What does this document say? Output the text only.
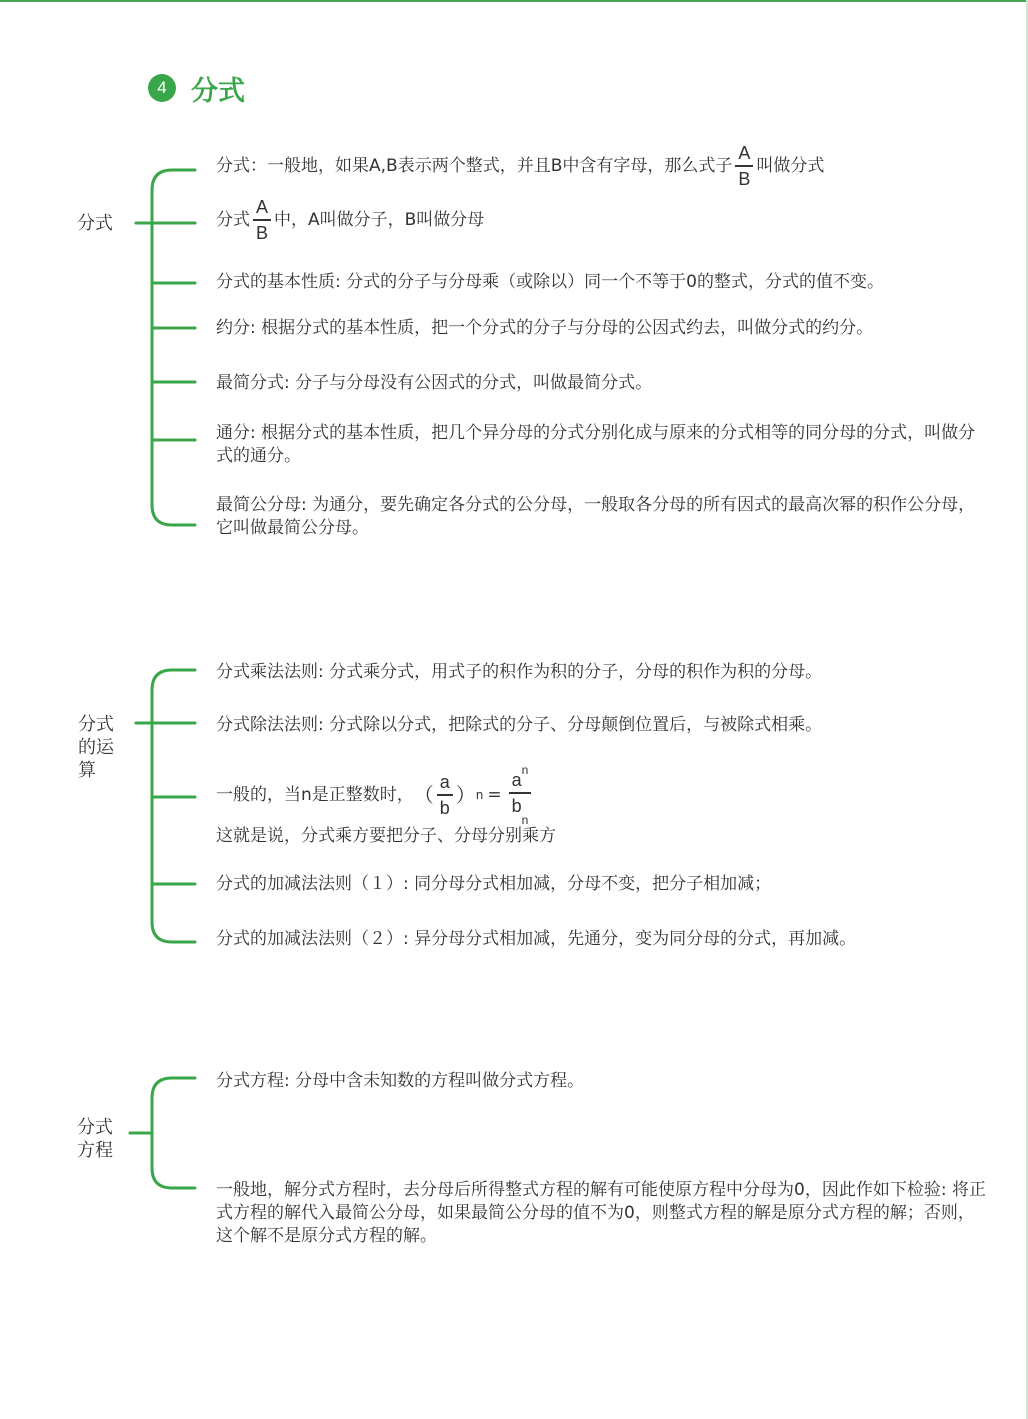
4 分式
分式
分式
的运
算
分式
方程
分式：一般地，如果A,B表示两个整式，并且B中含有字母，那么式子 $\frac{A}{B}$ 叫做分式
分式 $\frac{A}{B}$ 中，A叫做分子，B叫做分母
分式的基本性质: 分式的分子与分母乘（或除以）同一个不等于0的整式，分式的值不变。
约分: 根据分式的基本性质，把一个分式的分子与分母的公因式约去，叫做分式的约分。
最简分式: 分子与分母没有公因式的分式，叫做最简分式。
通分: 根据分式的基本性质，把几个异分母的分式分别化成与原来的分式相等的同分母的分式，叫做分式的通分。
最简公分母: 为通分，要先确定各分式的公分母，一般取各分母的所有因式的最高次幂的积作公分母，它叫做最简公分母。
分式乘法法则: 分式乘分式，用式子的积作为积的分子，分母的积作为积的分母。
分式除法法则: 分式除以分式，把除式的分子、分母颠倒位置后，与被除式相乘。
一般的，当n是正整数时， （ $\frac{a}{b}$ ） $n = \frac{a^n}{b_n}$
这就是说，分式乘方要把分子、分母分别乘方
分式的加减法法则（１）: 同分母分式相加减，分母不变，把分子相加减；
分式的加减法法则（２）: 异分母分式相加减，先通分，变为同分母的分式，再加减。
分式方程: 分母中含未知数的方程叫做分式方程。
一般地，解分式方程时，去分母后所得整式方程的解有可能使原方程中分母为0，因此作如下检验: 将正式方程的解代入最简公分母，如果最简公分母的值不为0，则整式方程的解是原分式方程的解；否则，这个解不是原分式方程的解。
